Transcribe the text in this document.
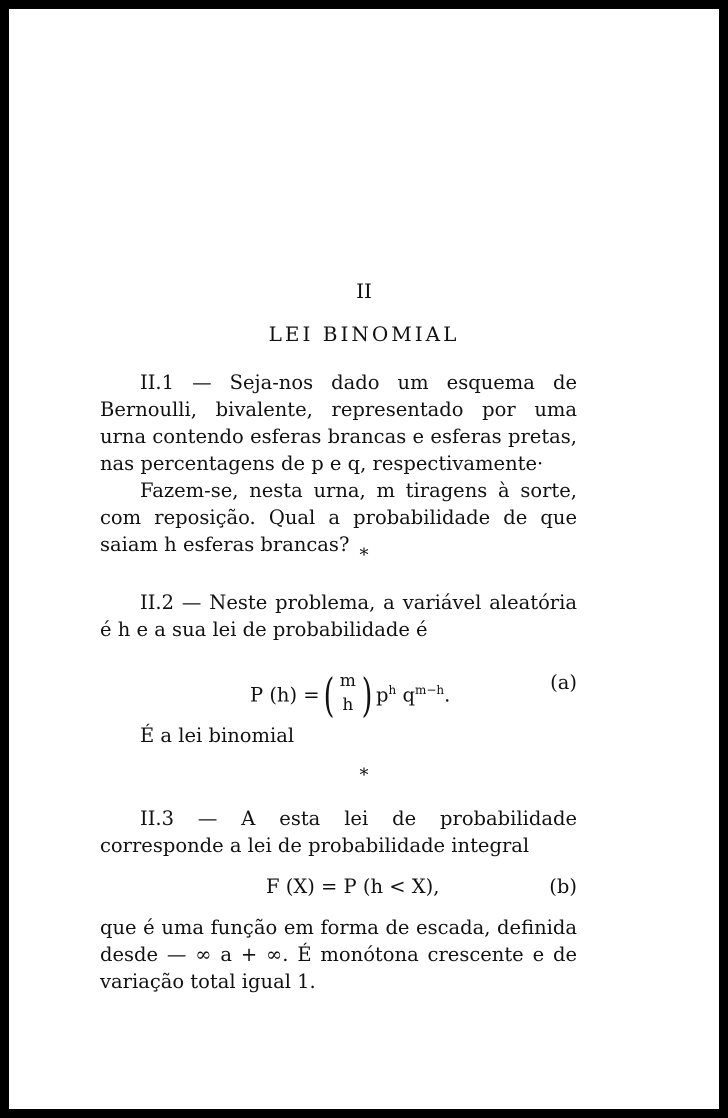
II
LEI BINOMIAL

II.1 — Seja-nos dado um esquema de Bernoulli, bivalente, representado por uma urna contendo esferas brancas e esferas pretas, nas percentagens de p e q, respectivamente·

Fazem-se, nesta urna, m tiragens à sorte, com reposição. Qual a probabilidade de que saiam h esferas brancas? *

II.2 — Neste problema, a variável aleatória é h e a sua lei de probabilidade é

P (h) = ( m
h ) $p^h$ $q^{m-h}$.
(a)

É a lei binomial

*

II.3 — A esta lei de probabilidade corresponde a lei de probabilidade integral

F (X) = P (h < X),	(b)

que é uma função em forma de escada, definida desde — ∞ a + ∞. É monótona crescente e de variação total igual 1.
